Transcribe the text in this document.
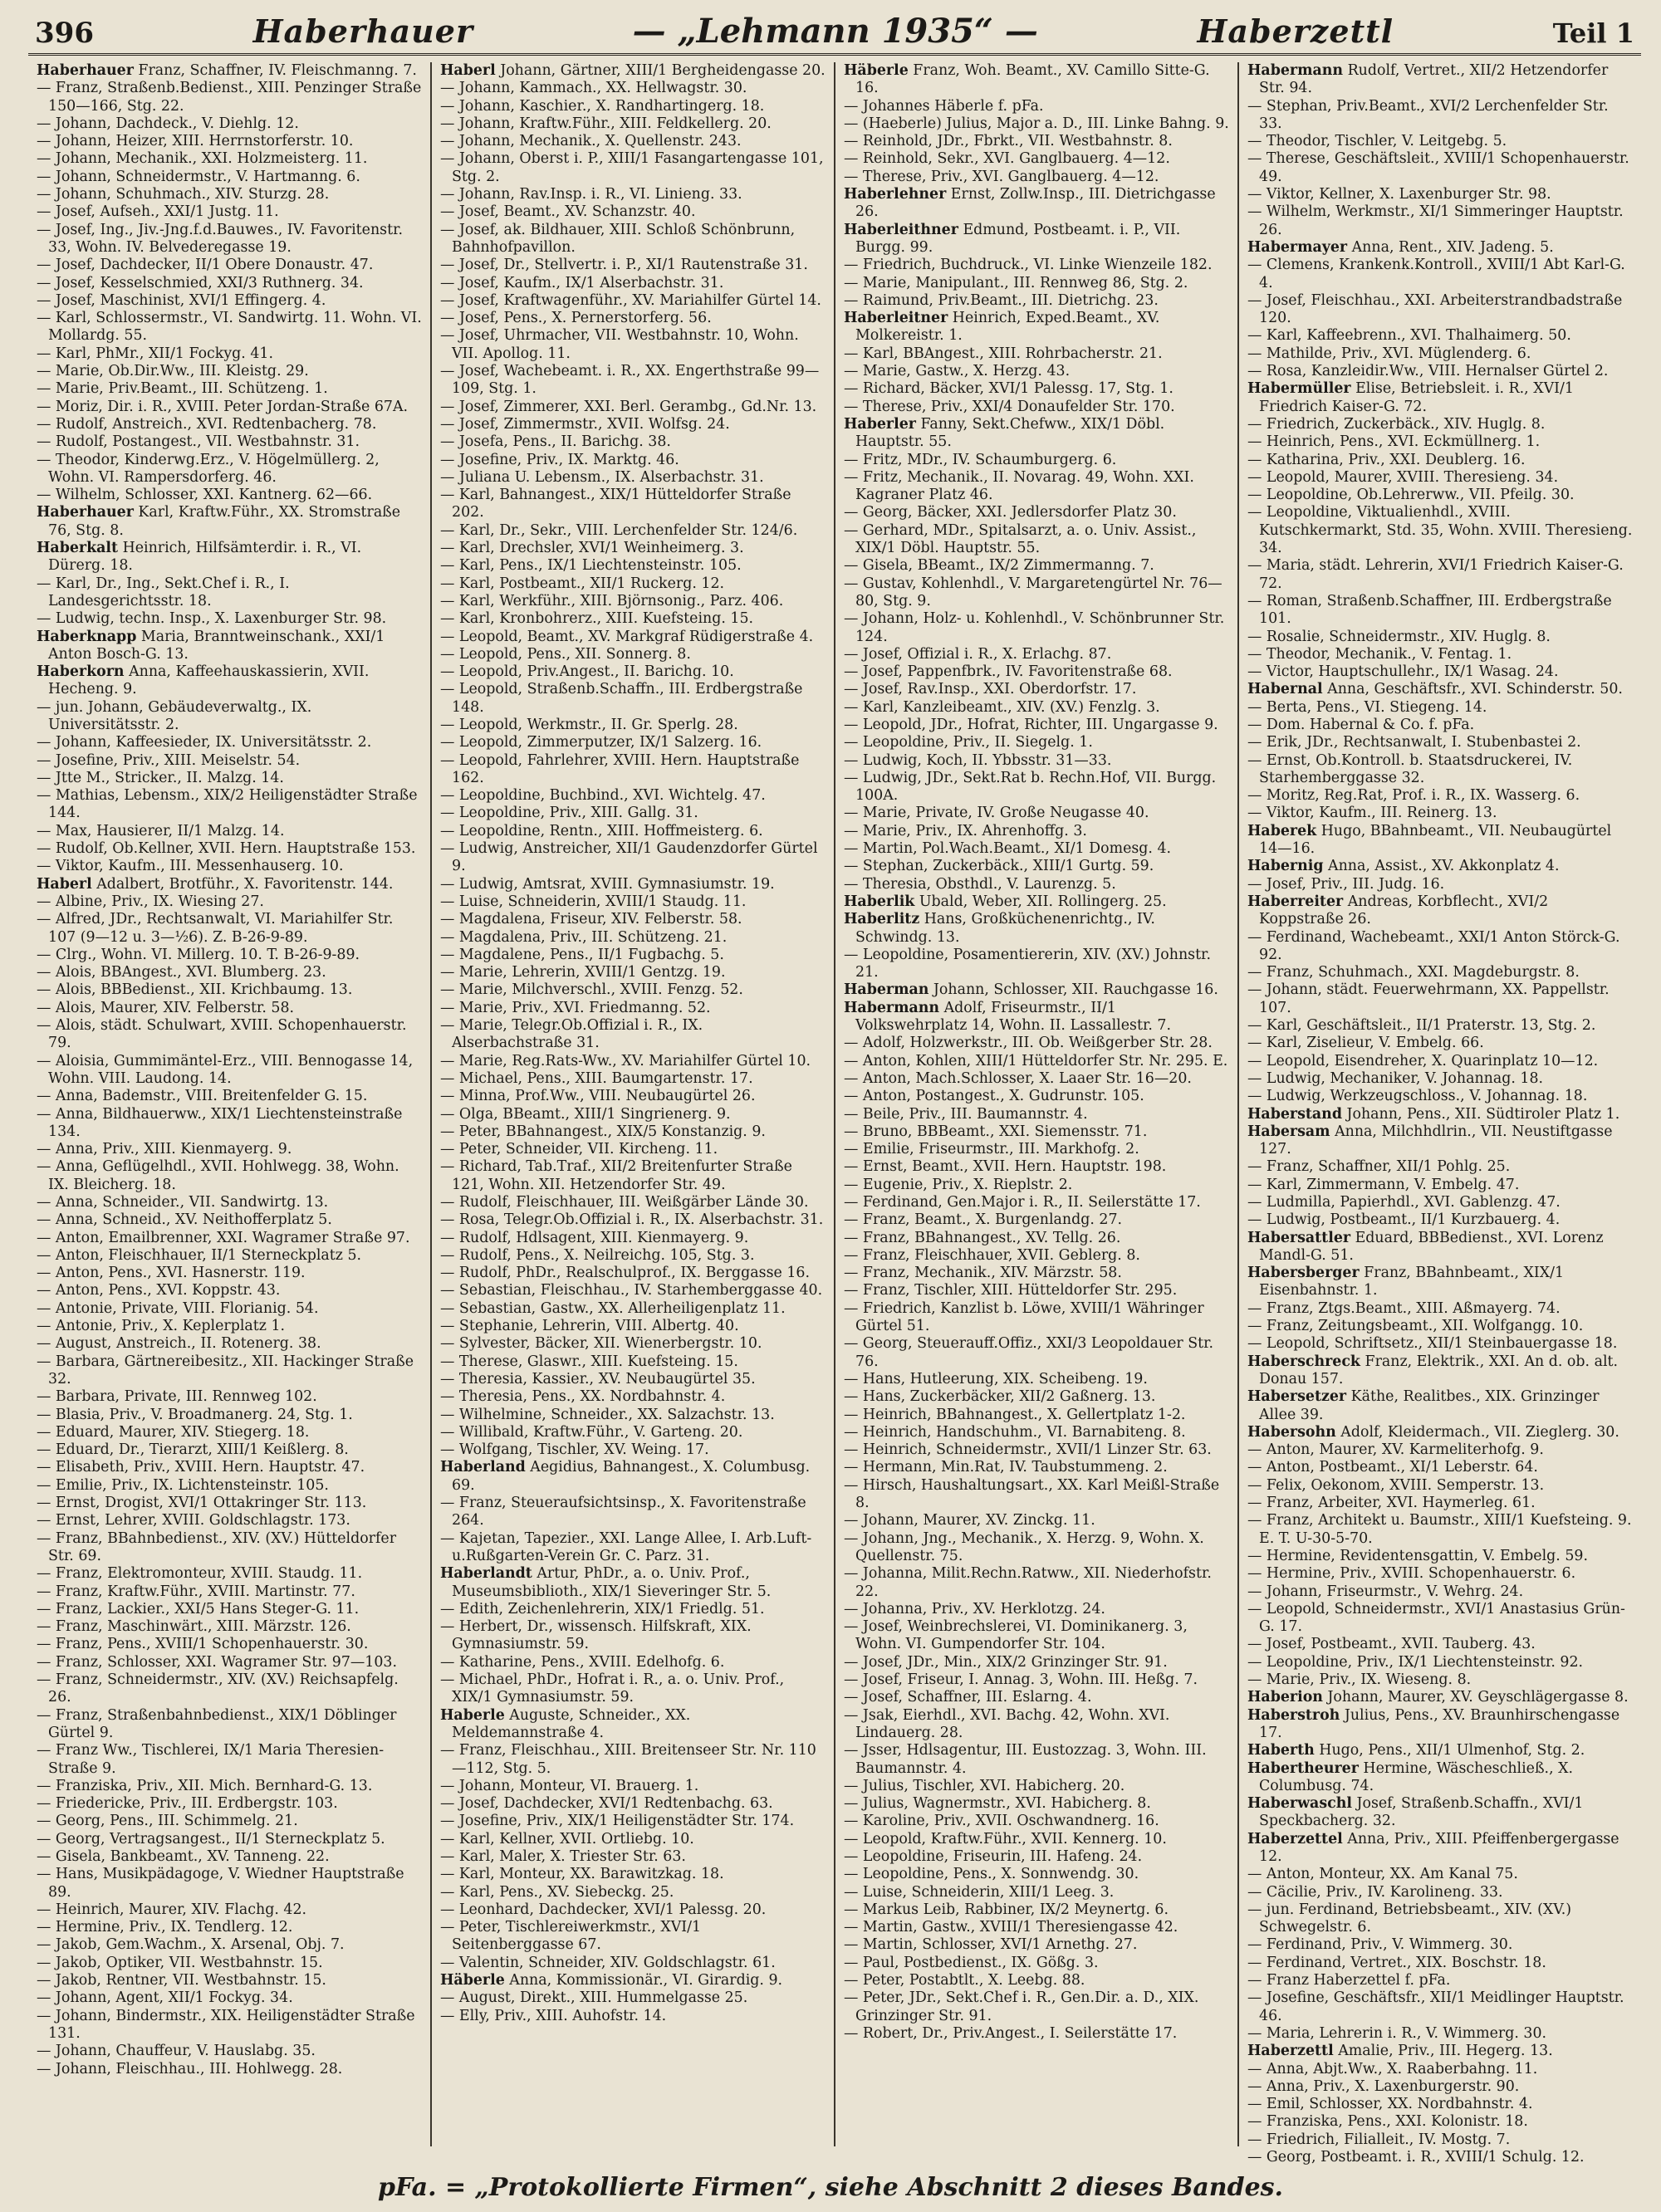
396	Haberhauer	— „Lehmann 1935“ —	Haberzettl	Teil 1

Haberhauer Franz, Schaffner, IV. Fleischmanng. 7.

— Franz, Straßenb.Bedienst., XIII. Penzinger Straße 150—166, Stg. 22.

— Johann, Dachdeck., V. Diehlg. 12.

— Johann, Heizer, XIII. Herrnstorferstr. 10.

— Johann, Mechanik., XXI. Holzmeisterg. 11.

— Johann, Schneidermstr., V. Hartmanng. 6.

— Johann, Schuhmach., XIV. Sturzg. 28.

— Josef, Aufseh., XXI/1 Justg. 11.

— Josef, Ing., Jiv.-Jng.f.d.Bauwes., IV. Favoritenstr. 33, Wohn. IV. Belvederegasse 19.

— Josef, Dachdecker, II/1 Obere Donaustr. 47.

— Josef, Kesselschmied, XXI/3 Ruthnerg. 34.

— Josef, Maschinist, XVI/1 Effingerg. 4.

— Karl, Schlossermstr., VI. Sandwirtg. 11. Wohn. VI. Mollardg. 55.

— Karl, PhMr., XII/1 Fockyg. 41.

— Marie, Ob.Dir.Ww., III. Kleistg. 29.

— Marie, Priv.Beamt., III. Schützeng. 1.

— Moriz, Dir. i. R., XVIII. Peter Jordan-Straße 67A.

— Rudolf, Anstreich., XVI. Redtenbacherg. 78.

— Rudolf, Postangest., VII. Westbahnstr. 31.

— Theodor, Kinderwg.Erz., V. Högelmüllerg. 2, Wohn. VI. Rampersdorferg. 46.

— Wilhelm, Schlosser, XXI. Kantnerg. 62—66.

Haberhauer Karl, Kraftw.Führ., XX. Stromstraße 76, Stg. 8.

Haberkalt Heinrich, Hilfsämterdir. i. R., VI. Dürerg. 18.

— Karl, Dr., Ing., Sekt.Chef i. R., I. Landesgerichtsstr. 18.

— Ludwig, techn. Insp., X. Laxenburger Str. 98.

Haberknapp Maria, Branntweinschank., XXI/1 Anton Bosch-G. 13.

Haberkorn Anna, Kaffeehauskassierin, XVII. Hecheng. 9.

— jun. Johann, Gebäudeverwaltg., IX. Universitätsstr. 2.

— Johann, Kaffeesieder, IX. Universitätsstr. 2.

— Josefine, Priv., XIII. Meiselstr. 54.

— Jtte M., Stricker., II. Malzg. 14.

— Mathias, Lebensm., XIX/2 Heiligenstädter Straße 144.

— Max, Hausierer, II/1 Malzg. 14.

— Rudolf, Ob.Kellner, XVII. Hern. Hauptstraße 153.

— Viktor, Kaufm., III. Messenhauserg. 10.

Haberl Adalbert, Brotführ., X. Favoritenstr. 144.

— Albine, Priv., IX. Wiesing 27.

— Alfred, JDr., Rechtsanwalt, VI. Mariahilfer Str. 107 (9—12 u. 3—½6). Z. B-26-9-89.

— Clrg., Wohn. VI. Millerg. 10. T. B-26-9-89.

— Alois, BBAngest., XVI. Blumberg. 23.

— Alois, BBBedienst., XII. Krichbaumg. 13.

— Alois, Maurer, XIV. Felberstr. 58.

— Alois, städt. Schulwart, XVIII. Schopenhauerstr. 79.

— Aloisia, Gummimäntel-Erz., VIII. Bennogasse 14, Wohn. VIII. Laudong. 14.

— Anna, Bademstr., VIII. Breitenfelder G. 15.

— Anna, Bildhauerww., XIX/1 Liechtensteinstraße 134.

— Anna, Priv., XIII. Kienmayerg. 9.

— Anna, Geflügelhdl., XVII. Hohlwegg. 38, Wohn. IX. Bleicherg. 18.

— Anna, Schneider., VII. Sandwirtg. 13.

— Anna, Schneid., XV. Neithofferplatz 5.

— Anton, Emailbrenner, XXI. Wagramer Straße 97.

— Anton, Fleischhauer, II/1 Sterneckplatz 5.

— Anton, Pens., XVI. Hasnerstr. 119.

— Anton, Pens., XVI. Koppstr. 43.

— Antonie, Private, VIII. Florianig. 54.

— Antonie, Priv., X. Keplerplatz 1.

— August, Anstreich., II. Rotenerg. 38.

— Barbara, Gärtnereibesitz., XII. Hackinger Straße 32.

— Barbara, Private, III. Rennweg 102.

— Blasia, Priv., V. Broadmanerg. 24, Stg. 1.

— Eduard, Maurer, XIV. Stiegerg. 18.

— Eduard, Dr., Tierarzt, XIII/1 Keißlerg. 8.

— Elisabeth, Priv., XVIII. Hern. Hauptstr. 47.

— Emilie, Priv., IX. Lichtensteinstr. 105.

— Ernst, Drogist, XVI/1 Ottakringer Str. 113.

— Ernst, Lehrer, XVIII. Goldschlagstr. 173.

— Franz, BBahnbedienst., XIV. (XV.) Hütteldorfer Str. 69.

— Franz, Elektromonteur, XVIII. Staudg. 11.

— Franz, Kraftw.Führ., XVIII. Martinstr. 77.

— Franz, Lackier., XXI/5 Hans Steger-G. 11.

— Franz, Maschinwärt., XIII. Märzstr. 126.

— Franz, Pens., XVIII/1 Schopenhauerstr. 30.

— Franz, Schlosser, XXI. Wagramer Str. 97—103.

— Franz, Schneidermstr., XIV. (XV.) Reichsapfelg. 26.

— Franz, Straßenbahnbedienst., XIX/1 Döblinger Gürtel 9.

— Franz Ww., Tischlerei, IX/1 Maria Theresien-Straße 9.

— Franziska, Priv., XII. Mich. Bernhard-G. 13.

— Friedericke, Priv., III. Erdbergstr. 103.

— Georg, Pens., III. Schimmelg. 21.

— Georg, Vertragsangest., II/1 Sterneckplatz 5.

— Gisela, Bankbeamt., XV. Tanneng. 22.

— Hans, Musikpädagoge, V. Wiedner Hauptstraße 89.

— Heinrich, Maurer, XIV. Flachg. 42.

— Hermine, Priv., IX. Tendlerg. 12.

— Jakob, Gem.Wachm., X. Arsenal, Obj. 7.

— Jakob, Optiker, VII. Westbahnstr. 15.

— Jakob, Rentner, VII. Westbahnstr. 15.

— Johann, Agent, XII/1 Fockyg. 34.

— Johann, Bindermstr., XIX. Heiligenstädter Straße 131.

— Johann, Chauffeur, V. Hauslabg. 35.

— Johann, Fleischhau., III. Hohlwegg. 28.

Haberl Johann, Gärtner, XIII/1 Bergheidengasse 20.

— Johann, Kammach., XX. Hellwagstr. 30.

— Johann, Kaschier., X. Randhartingerg. 18.

— Johann, Kraftw.Führ., XIII. Feldkellerg. 20.

— Johann, Mechanik., X. Quellenstr. 243.

— Johann, Oberst i. P., XIII/1 Fasangartengasse 101, Stg. 2.

— Johann, Rav.Insp. i. R., VI. Linieng. 33.

— Josef, Beamt., XV. Schanzstr. 40.

— Josef, ak. Bildhauer, XIII. Schloß Schönbrunn, Bahnhofpavillon.

— Josef, Dr., Stellvertr. i. P., XI/1 Rautenstraße 31.

— Josef, Kaufm., IX/1 Alserbachstr. 31.

— Josef, Kraftwagenführ., XV. Mariahilfer Gürtel 14.

— Josef, Pens., X. Pernerstorferg. 56.

— Josef, Uhrmacher, VII. Westbahnstr. 10, Wohn. VII. Apollog. 11.

— Josef, Wachebeamt. i. R., XX. Engerthstraße 99—109, Stg. 1.

— Josef, Zimmerer, XXI. Berl. Gerambg., Gd.Nr. 13.

— Josef, Zimmermstr., XVII. Wolfsg. 24.

— Josefa, Pens., II. Barichg. 38.

— Josefine, Priv., IX. Marktg. 46.

— Juliana U. Lebensm., IX. Alserbachstr. 31.

— Karl, Bahnangest., XIX/1 Hütteldorfer Straße 202.

— Karl, Dr., Sekr., VIII. Lerchenfelder Str. 124/6.

— Karl, Drechsler, XVI/1 Weinheimerg. 3.

— Karl, Pens., IX/1 Liechtensteinstr. 105.

— Karl, Postbeamt., XII/1 Ruckerg. 12.

— Karl, Werkführ., XIII. Björnsonig., Parz. 406.

— Karl, Kronbohrerz., XIII. Kuefsteing. 15.

— Leopold, Beamt., XV. Markgraf Rüdigerstraße 4.

— Leopold, Pens., XII. Sonnerg. 8.

— Leopold, Priv.Angest., II. Barichg. 10.

— Leopold, Straßenb.Schaffn., III. Erdbergstraße 148.

— Leopold, Werkmstr., II. Gr. Sperlg. 28.

— Leopold, Zimmerputzer, IX/1 Salzerg. 16.

— Leopold, Fahrlehrer, XVIII. Hern. Hauptstraße 162.

— Leopoldine, Buchbind., XVI. Wichtelg. 47.

— Leopoldine, Priv., XIII. Gallg. 31.

— Leopoldine, Rentn., XIII. Hoffmeisterg. 6.

— Ludwig, Anstreicher, XII/1 Gaudenzdorfer Gürtel 9.

— Ludwig, Amtsrat, XVIII. Gymnasiumstr. 19.

— Luise, Schneiderin, XVIII/1 Staudg. 11.

— Magdalena, Friseur, XIV. Felberstr. 58.

— Magdalena, Priv., III. Schützeng. 21.

— Magdalene, Pens., II/1 Fugbachg. 5.

— Marie, Lehrerin, XVIII/1 Gentzg. 19.

— Marie, Milchverschl., XVIII. Fenzg. 52.

— Marie, Priv., XVI. Friedmanng. 52.

— Marie, Telegr.Ob.Offizial i. R., IX. Alserbachstraße 31.

— Marie, Reg.Rats-Ww., XV. Mariahilfer Gürtel 10.

— Michael, Pens., XIII. Baumgartenstr. 17.

— Minna, Prof.Ww., VIII. Neubaugürtel 26.

— Olga, BBeamt., XIII/1 Singrienerg. 9.

— Peter, BBahnangest., XIX/5 Konstanzig. 9.

— Peter, Schneider, VII. Kircheng. 11.

— Richard, Tab.Traf., XII/2 Breitenfurter Straße 121, Wohn. XII. Hetzendorfer Str. 49.

— Rudolf, Fleischhauer, III. Weißgärber Lände 30.

— Rosa, Telegr.Ob.Offizial i. R., IX. Alserbachstr. 31.

— Rudolf, Hdlsagent, XIII. Kienmayerg. 9.

— Rudolf, Pens., X. Neilreichg. 105, Stg. 3.

— Rudolf, PhDr., Realschulprof., IX. Berggasse 16.

— Sebastian, Fleischhau., IV. Starhemberggasse 40.

— Sebastian, Gastw., XX. Allerheiligenplatz 11.

— Stephanie, Lehrerin, VIII. Albertg. 40.

— Sylvester, Bäcker, XII. Wienerbergstr. 10.

— Therese, Glaswr., XIII. Kuefsteing. 15.

— Theresia, Kassier., XV. Neubaugürtel 35.

— Theresia, Pens., XX. Nordbahnstr. 4.

— Wilhelmine, Schneider., XX. Salzachstr. 13.

— Willibald, Kraftw.Führ., V. Garteng. 20.

— Wolfgang, Tischler, XV. Weing. 17.

Haberland Aegidius, Bahnangest., X. Columbusg. 69.

— Franz, Steueraufsichtsinsp., X. Favoritenstraße 264.

— Kajetan, Tapezier., XXI. Lange Allee, I. Arb.Luft-u.Rußgarten-Verein Gr. C. Parz. 31.

Haberlandt Artur, PhDr., a. o. Univ. Prof., Museumsbiblioth., XIX/1 Sieveringer Str. 5.

— Edith, Zeichenlehrerin, XIX/1 Friedlg. 51.

— Herbert, Dr., wissensch. Hilfskraft, XIX. Gymnasiumstr. 59.

— Katharine, Pens., XVIII. Edelhofg. 6.

— Michael, PhDr., Hofrat i. R., a. o. Univ. Prof., XIX/1 Gymnasiumstr. 59.

Haberle Auguste, Schneider., XX. Meldemannstraße 4.

— Franz, Fleischhau., XIII. Breitenseer Str. Nr. 110—112, Stg. 5.

— Johann, Monteur, VI. Brauerg. 1.

— Josef, Dachdecker, XVI/1 Redtenbachg. 63.

— Josefine, Priv., XIX/1 Heiligenstädter Str. 174.

— Karl, Kellner, XVII. Ortliebg. 10.

— Karl, Maler, X. Triester Str. 63.

— Karl, Monteur, XX. Barawitzkag. 18.

— Karl, Pens., XV. Siebeckg. 25.

— Leonhard, Dachdecker, XVI/1 Palessg. 20.

— Peter, Tischlereiwerkmstr., XVI/1 Seitenberggasse 67.

— Valentin, Schneider, XIV. Goldschlagstr. 61.

Häberle Anna, Kommissionär., VI. Girardig. 9.

— August, Direkt., XIII. Hummelgasse 25.

— Elly, Priv., XIII. Auhofstr. 14.

Häberle Franz, Woh. Beamt., XV. Camillo Sitte-G. 16.

— Johannes Häberle f. pFa.

— (Haeberle) Julius, Major a. D., III. Linke Bahng. 9.

— Reinhold, JDr., Fbrkt., VII. Westbahnstr. 8.

— Reinhold, Sekr., XVI. Ganglbauerg. 4—12.

— Therese, Priv., XVI. Ganglbauerg. 4—12.

Haberlehner Ernst, Zollw.Insp., III. Dietrichgasse 26.

Haberleithner Edmund, Postbeamt. i. P., VII. Burgg. 99.

— Friedrich, Buchdruck., VI. Linke Wienzeile 182.

— Marie, Manipulant., III. Rennweg 86, Stg. 2.

— Raimund, Priv.Beamt., III. Dietrichg. 23.

Haberleitner Heinrich, Exped.Beamt., XV. Molkereistr. 1.

— Karl, BBAngest., XIII. Rohrbacherstr. 21.

— Marie, Gastw., X. Herzg. 43.

— Richard, Bäcker, XVI/1 Palessg. 17, Stg. 1.

— Therese, Priv., XXI/4 Donaufelder Str. 170.

Haberler Fanny, Sekt.Chefww., XIX/1 Döbl. Hauptstr. 55.

— Fritz, MDr., IV. Schaumburgerg. 6.

— Fritz, Mechanik., II. Novarag. 49, Wohn. XXI. Kagraner Platz 46.

— Georg, Bäcker, XXI. Jedlersdorfer Platz 30.

— Gerhard, MDr., Spitalsarzt, a. o. Univ. Assist., XIX/1 Döbl. Hauptstr. 55.

— Gisela, BBeamt., IX/2 Zimmermanng. 7.

— Gustav, Kohlenhdl., V. Margaretengürtel Nr. 76—80, Stg. 9.

— Johann, Holz- u. Kohlenhdl., V. Schönbrunner Str. 124.

— Josef, Offizial i. R., X. Erlachg. 87.

— Josef, Pappenfbrk., IV. Favoritenstraße 68.

— Josef, Rav.Insp., XXI. Oberdorfstr. 17.

— Karl, Kanzleibeamt., XIV. (XV.) Fenzlg. 3.

— Leopold, JDr., Hofrat, Richter, III. Ungargasse 9.

— Leopoldine, Priv., II. Siegelg. 1.

— Ludwig, Koch, II. Ybbsstr. 31—33.

— Ludwig, JDr., Sekt.Rat b. Rechn.Hof, VII. Burgg. 100A.

— Marie, Private, IV. Große Neugasse 40.

— Marie, Priv., IX. Ahrenhoffg. 3.

— Martin, Pol.Wach.Beamt., XI/1 Domesg. 4.

— Stephan, Zuckerbäck., XIII/1 Gurtg. 59.

— Theresia, Obsthdl., V. Laurenzg. 5.

Haberlik Ubald, Weber, XII. Rollingerg. 25.

Haberlitz Hans, Großküchenenrichtg., IV. Schwindg. 13.

— Leopoldine, Posamentiererin, XIV. (XV.) Johnstr. 21.

Haberman Johann, Schlosser, XII. Rauchgasse 16.

Habermann Adolf, Friseurmstr., II/1 Volkswehrplatz 14, Wohn. II. Lassallestr. 7.

— Adolf, Holzwerkstr., III. Ob. Weißgerber Str. 28.

— Anton, Kohlen, XIII/1 Hütteldorfer Str. Nr. 295. E.

— Anton, Mach.Schlosser, X. Laaer Str. 16—20.

— Anton, Postangest., X. Gudrunstr. 105.

— Beile, Priv., III. Baumannstr. 4.

— Bruno, BBBeamt., XXI. Siemensstr. 71.

— Emilie, Friseurmstr., III. Markhofg. 2.

— Ernst, Beamt., XVII. Hern. Hauptstr. 198.

— Eugenie, Priv., X. Rieplstr. 2.

— Ferdinand, Gen.Major i. R., II. Seilerstätte 17.

— Franz, Beamt., X. Burgenlandg. 27.

— Franz, BBahnangest., XV. Tellg. 26.

— Franz, Fleischhauer, XVII. Geblerg. 8.

— Franz, Mechanik., XIV. Märzstr. 58.

— Franz, Tischler, XIII. Hütteldorfer Str. 295.

— Friedrich, Kanzlist b. Löwe, XVIII/1 Währinger Gürtel 51.

— Georg, Steuerauff.Offiz., XXI/3 Leopoldauer Str. 76.

— Hans, Hutleerung, XIX. Scheibeng. 19.

— Hans, Zuckerbäcker, XII/2 Gaßnerg. 13.

— Heinrich, BBahnangest., X. Gellertplatz 1-2.

— Heinrich, Handschuhm., VI. Barnabiteng. 8.

— Heinrich, Schneidermstr., XVII/1 Linzer Str. 63.

— Hermann, Min.Rat, IV. Taubstummeng. 2.

— Hirsch, Haushaltungsart., XX. Karl Meißl-Straße 8.

— Johann, Maurer, XV. Zinckg. 11.

— Johann, Jng., Mechanik., X. Herzg. 9, Wohn. X. Quellenstr. 75.

— Johanna, Milit.Rechn.Ratww., XII. Niederhofstr. 22.

— Johanna, Priv., XV. Herklotzg. 24.

— Josef, Weinbrechslerei, VI. Dominikanerg. 3, Wohn. VI. Gumpendorfer Str. 104.

— Josef, JDr., Min., XIX/2 Grinzinger Str. 91.

— Josef, Friseur, I. Annag. 3, Wohn. III. Heßg. 7.

— Josef, Schaffner, III. Eslarng. 4.

— Jsak, Eierhdl., XVI. Bachg. 42, Wohn. XVI. Lindauerg. 28.

— Jsser, Hdlsagentur, III. Eustozzag. 3, Wohn. III. Baumannstr. 4.

— Julius, Tischler, XVI. Habicherg. 20.

— Julius, Wagnermstr., XVI. Habicherg. 8.

— Karoline, Priv., XVII. Oschwandnerg. 16.

— Leopold, Kraftw.Führ., XVII. Kennerg. 10.

— Leopoldine, Friseurin, III. Hafeng. 24.

— Leopoldine, Pens., X. Sonnwendg. 30.

— Luise, Schneiderin, XIII/1 Leeg. 3.

— Markus Leib, Rabbiner, IX/2 Meynertg. 6.

— Martin, Gastw., XVIII/1 Theresiengasse 42.

— Martin, Schlosser, XVI/1 Arnethg. 27.

— Paul, Postbedienst., IX. Gößg. 3.

— Peter, Postabtlt., X. Leebg. 88.

— Peter, JDr., Sekt.Chef i. R., Gen.Dir. a. D., XIX. Grinzinger Str. 91.

— Robert, Dr., Priv.Angest., I. Seilerstätte 17.

Habermann Rudolf, Vertret., XII/2 Hetzendorfer Str. 94.

— Stephan, Priv.Beamt., XVI/2 Lerchenfelder Str. 33.

— Theodor, Tischler, V. Leitgebg. 5.

— Therese, Geschäftsleit., XVIII/1 Schopenhauerstr. 49.

— Viktor, Kellner, X. Laxenburger Str. 98.

— Wilhelm, Werkmstr., XI/1 Simmeringer Hauptstr. 26.

Habermayer Anna, Rent., XIV. Jadeng. 5.

— Clemens, Krankenk.Kontroll., XVIII/1 Abt Karl-G. 4.

— Josef, Fleischhau., XXI. Arbeiterstrandbadstraße 120.

— Karl, Kaffeebrenn., XVI. Thalhaimerg. 50.

— Mathilde, Priv., XVI. Müglenderg. 6.

— Rosa, Kanzleidir.Ww., VIII. Hernalser Gürtel 2.

Habermüller Elise, Betriebsleit. i. R., XVI/1 Friedrich Kaiser-G. 72.

— Friedrich, Zuckerbäck., XIV. Huglg. 8.

— Heinrich, Pens., XVI. Eckmüllnerg. 1.

— Katharina, Priv., XXI. Deublerg. 16.

— Leopold, Maurer, XVIII. Theresieng. 34.

— Leopoldine, Ob.Lehrerww., VII. Pfeilg. 30.

— Leopoldine, Viktualienhdl., XVIII. Kutschkermarkt, Std. 35, Wohn. XVIII. Theresieng. 34.

— Maria, städt. Lehrerin, XVI/1 Friedrich Kaiser-G. 72.

— Roman, Straßenb.Schaffner, III. Erdbergstraße 101.

— Rosalie, Schneidermstr., XIV. Huglg. 8.

— Theodor, Mechanik., V. Fentag. 1.

— Victor, Hauptschullehr., IX/1 Wasag. 24.

Habernal Anna, Geschäftsfr., XVI. Schinderstr. 50.

— Berta, Pens., VI. Stiegeng. 14.

— Dom. Habernal & Co. f. pFa.

— Erik, JDr., Rechtsanwalt, I. Stubenbastei 2.

— Ernst, Ob.Kontroll. b. Staatsdruckerei, IV. Starhemberggasse 32.

— Moritz, Reg.Rat, Prof. i. R., IX. Wasserg. 6.

— Viktor, Kaufm., III. Reinerg. 13.

Haberek Hugo, BBahnbeamt., VII. Neubaugürtel 14—16.

Habernig Anna, Assist., XV. Akkonplatz 4.

— Josef, Priv., III. Judg. 16.

Haberreiter Andreas, Korbflecht., XVI/2 Koppstraße 26.

— Ferdinand, Wachebeamt., XXI/1 Anton Störck-G. 92.

— Franz, Schuhmach., XXI. Magdeburgstr. 8.

— Johann, städt. Feuerwehrmann, XX. Pappellstr. 107.

— Karl, Geschäftsleit., II/1 Praterstr. 13, Stg. 2.

— Karl, Ziselieur, V. Embelg. 66.

— Leopold, Eisendreher, X. Quarinplatz 10—12.

— Ludwig, Mechaniker, V. Johannag. 18.

— Ludwig, Werkzeugschloss., V. Johannag. 18.

Haberstand Johann, Pens., XII. Südtiroler Platz 1.

Habersam Anna, Milchhdlrin., VII. Neustiftgasse 127.

— Franz, Schaffner, XII/1 Pohlg. 25.

— Karl, Zimmermann, V. Embelg. 47.

— Ludmilla, Papierhdl., XVI. Gablenzg. 47.

— Ludwig, Postbeamt., II/1 Kurzbauerg. 4.

Habersattler Eduard, BBBedienst., XVI. Lorenz Mandl-G. 51.

Habersberger Franz, BBahnbeamt., XIX/1 Eisenbahnstr. 1.

— Franz, Ztgs.Beamt., XIII. Aßmayerg. 74.

— Franz, Zeitungsbeamt., XII. Wolfgangg. 10.

— Leopold, Schriftsetz., XII/1 Steinbauergasse 18.

Haberschreck Franz, Elektrik., XXI. An d. ob. alt. Donau 157.

Habersetzer Käthe, Realitbes., XIX. Grinzinger Allee 39.

Habersohn Adolf, Kleidermach., VII. Zieglerg. 30.

— Anton, Maurer, XV. Karmeliterhofg. 9.

— Anton, Postbeamt., XI/1 Leberstr. 64.

— Felix, Oekonom, XVIII. Semperstr. 13.

— Franz, Arbeiter, XVI. Haymerleg. 61.

— Franz, Architekt u. Baumstr., XIII/1 Kuefsteing. 9. E. T. U-30-5-70.

— Hermine, Revidentensgattin, V. Embelg. 59.

— Hermine, Priv., XVIII. Schopenhauerstr. 6.

— Johann, Friseurmstr., V. Wehrg. 24.

— Leopold, Schneidermstr., XVI/1 Anastasius Grün-G. 17.

— Josef, Postbeamt., XVII. Tauberg. 43.

— Leopoldine, Priv., IX/1 Liechtensteinstr. 92.

— Marie, Priv., IX. Wieseng. 8.

Haberion Johann, Maurer, XV. Geyschlägergasse 8.

Haberstroh Julius, Pens., XV. Braunhirschengasse 17.

Haberth Hugo, Pens., XII/1 Ulmenhof, Stg. 2.

Habertheurer Hermine, Wäscheschließ., X. Columbusg. 74.

Haberwaschl Josef, Straßenb.Schaffn., XVI/1 Speckbacherg. 32.

Haberzettel Anna, Priv., XIII. Pfeiffenbergergasse 12.

— Anton, Monteur, XX. Am Kanal 75.

— Cäcilie, Priv., IV. Karolineng. 33.

— jun. Ferdinand, Betriebsbeamt., XIV. (XV.) Schwegelstr. 6.

— Ferdinand, Priv., V. Wimmerg. 30.

— Ferdinand, Vertret., XIX. Boschstr. 18.

— Franz Haberzettel f. pFa.

— Josefine, Geschäftsfr., XII/1 Meidlinger Hauptstr. 46.

— Maria, Lehrerin i. R., V. Wimmerg. 30.

Haberzettl Amalie, Priv., III. Hegerg. 13.

— Anna, Abjt.Ww., X. Raaberbahng. 11.

— Anna, Priv., X. Laxenburgerstr. 90.

— Emil, Schlosser, XX. Nordbahnstr. 4.

— Franziska, Pens., XXI. Kolonistr. 18.

— Friedrich, Filialleit., IV. Mostg. 7.

— Georg, Postbeamt. i. R., XVIII/1 Schulg. 12.

pFa. = „Protokollierte Firmen“, siehe Abschnitt 2 dieses Bandes.
